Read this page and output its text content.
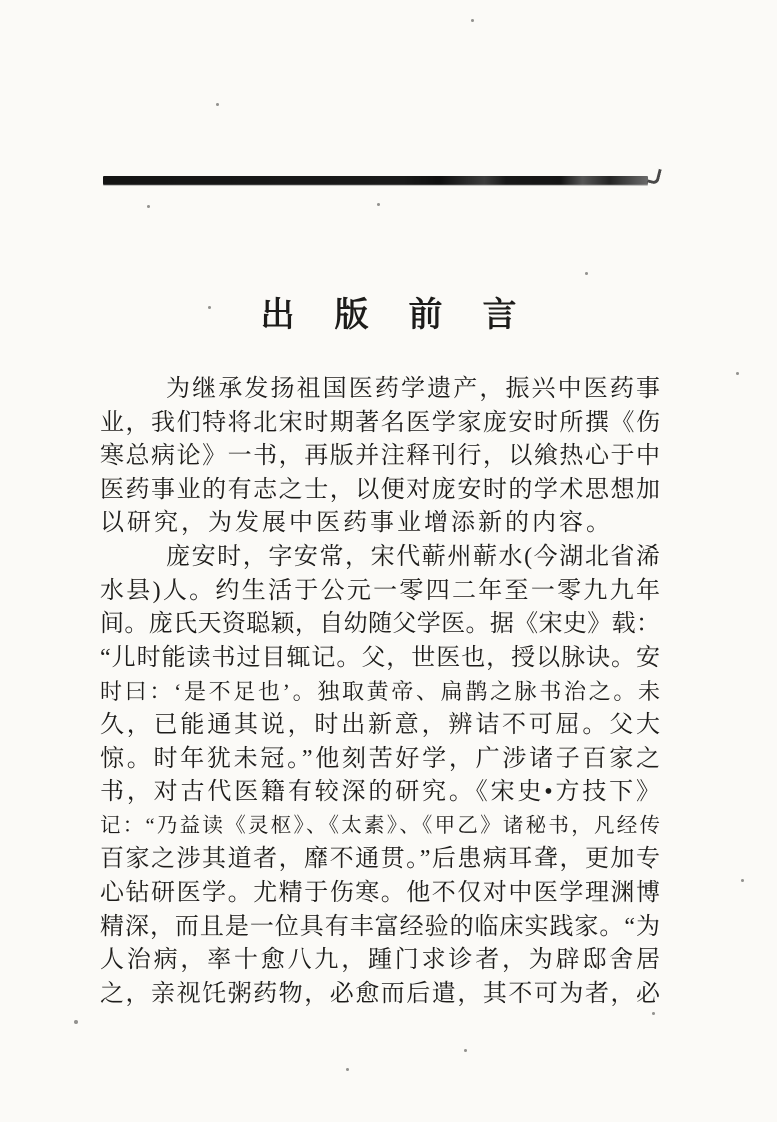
出版前言
为继承发扬祖国医药学遗产，振兴中医药事
业，我们特将北宋时期著名医学家庞安时所撰《伤
寒总病论》一书，再版并注释刊行，以飨热心于中
医药事业的有志之士，以便对庞安时的学术思想加
以研究，为发展中医药事业增添新的内容。
庞安时，字安常，宋代蕲州蕲水(今湖北省浠
水县)人。约生活于公元一零四二年至一零九九年
间。庞氏天资聪颖，自幼随父学医。据《宋史》载：
“儿时能读书过目辄记。父，世医也，授以脉诀。安
时曰：‘是不足也’。独取黄帝、扁鹊之脉书治之。未
久，已能通其说，时出新意，辨诘不可屈。父大
惊。时年犹未冠。”他刻苦好学，广涉诸子百家之
书，对古代医籍有较深的研究。《宋史•方技下》
记：“乃益读《灵枢》、《太素》、《甲乙》诸秘书，凡经传
百家之涉其道者，靡不通贯。”后患病耳聋，更加专
心钻研医学。尤精于伤寒。他不仅对中医学理渊博
精深，而且是一位具有丰富经验的临床实践家。“为
人治病，率十愈八九，踵门求诊者，为辟邸舍居
之，亲视饦粥药物，必愈而后遣，其不可为者，必
